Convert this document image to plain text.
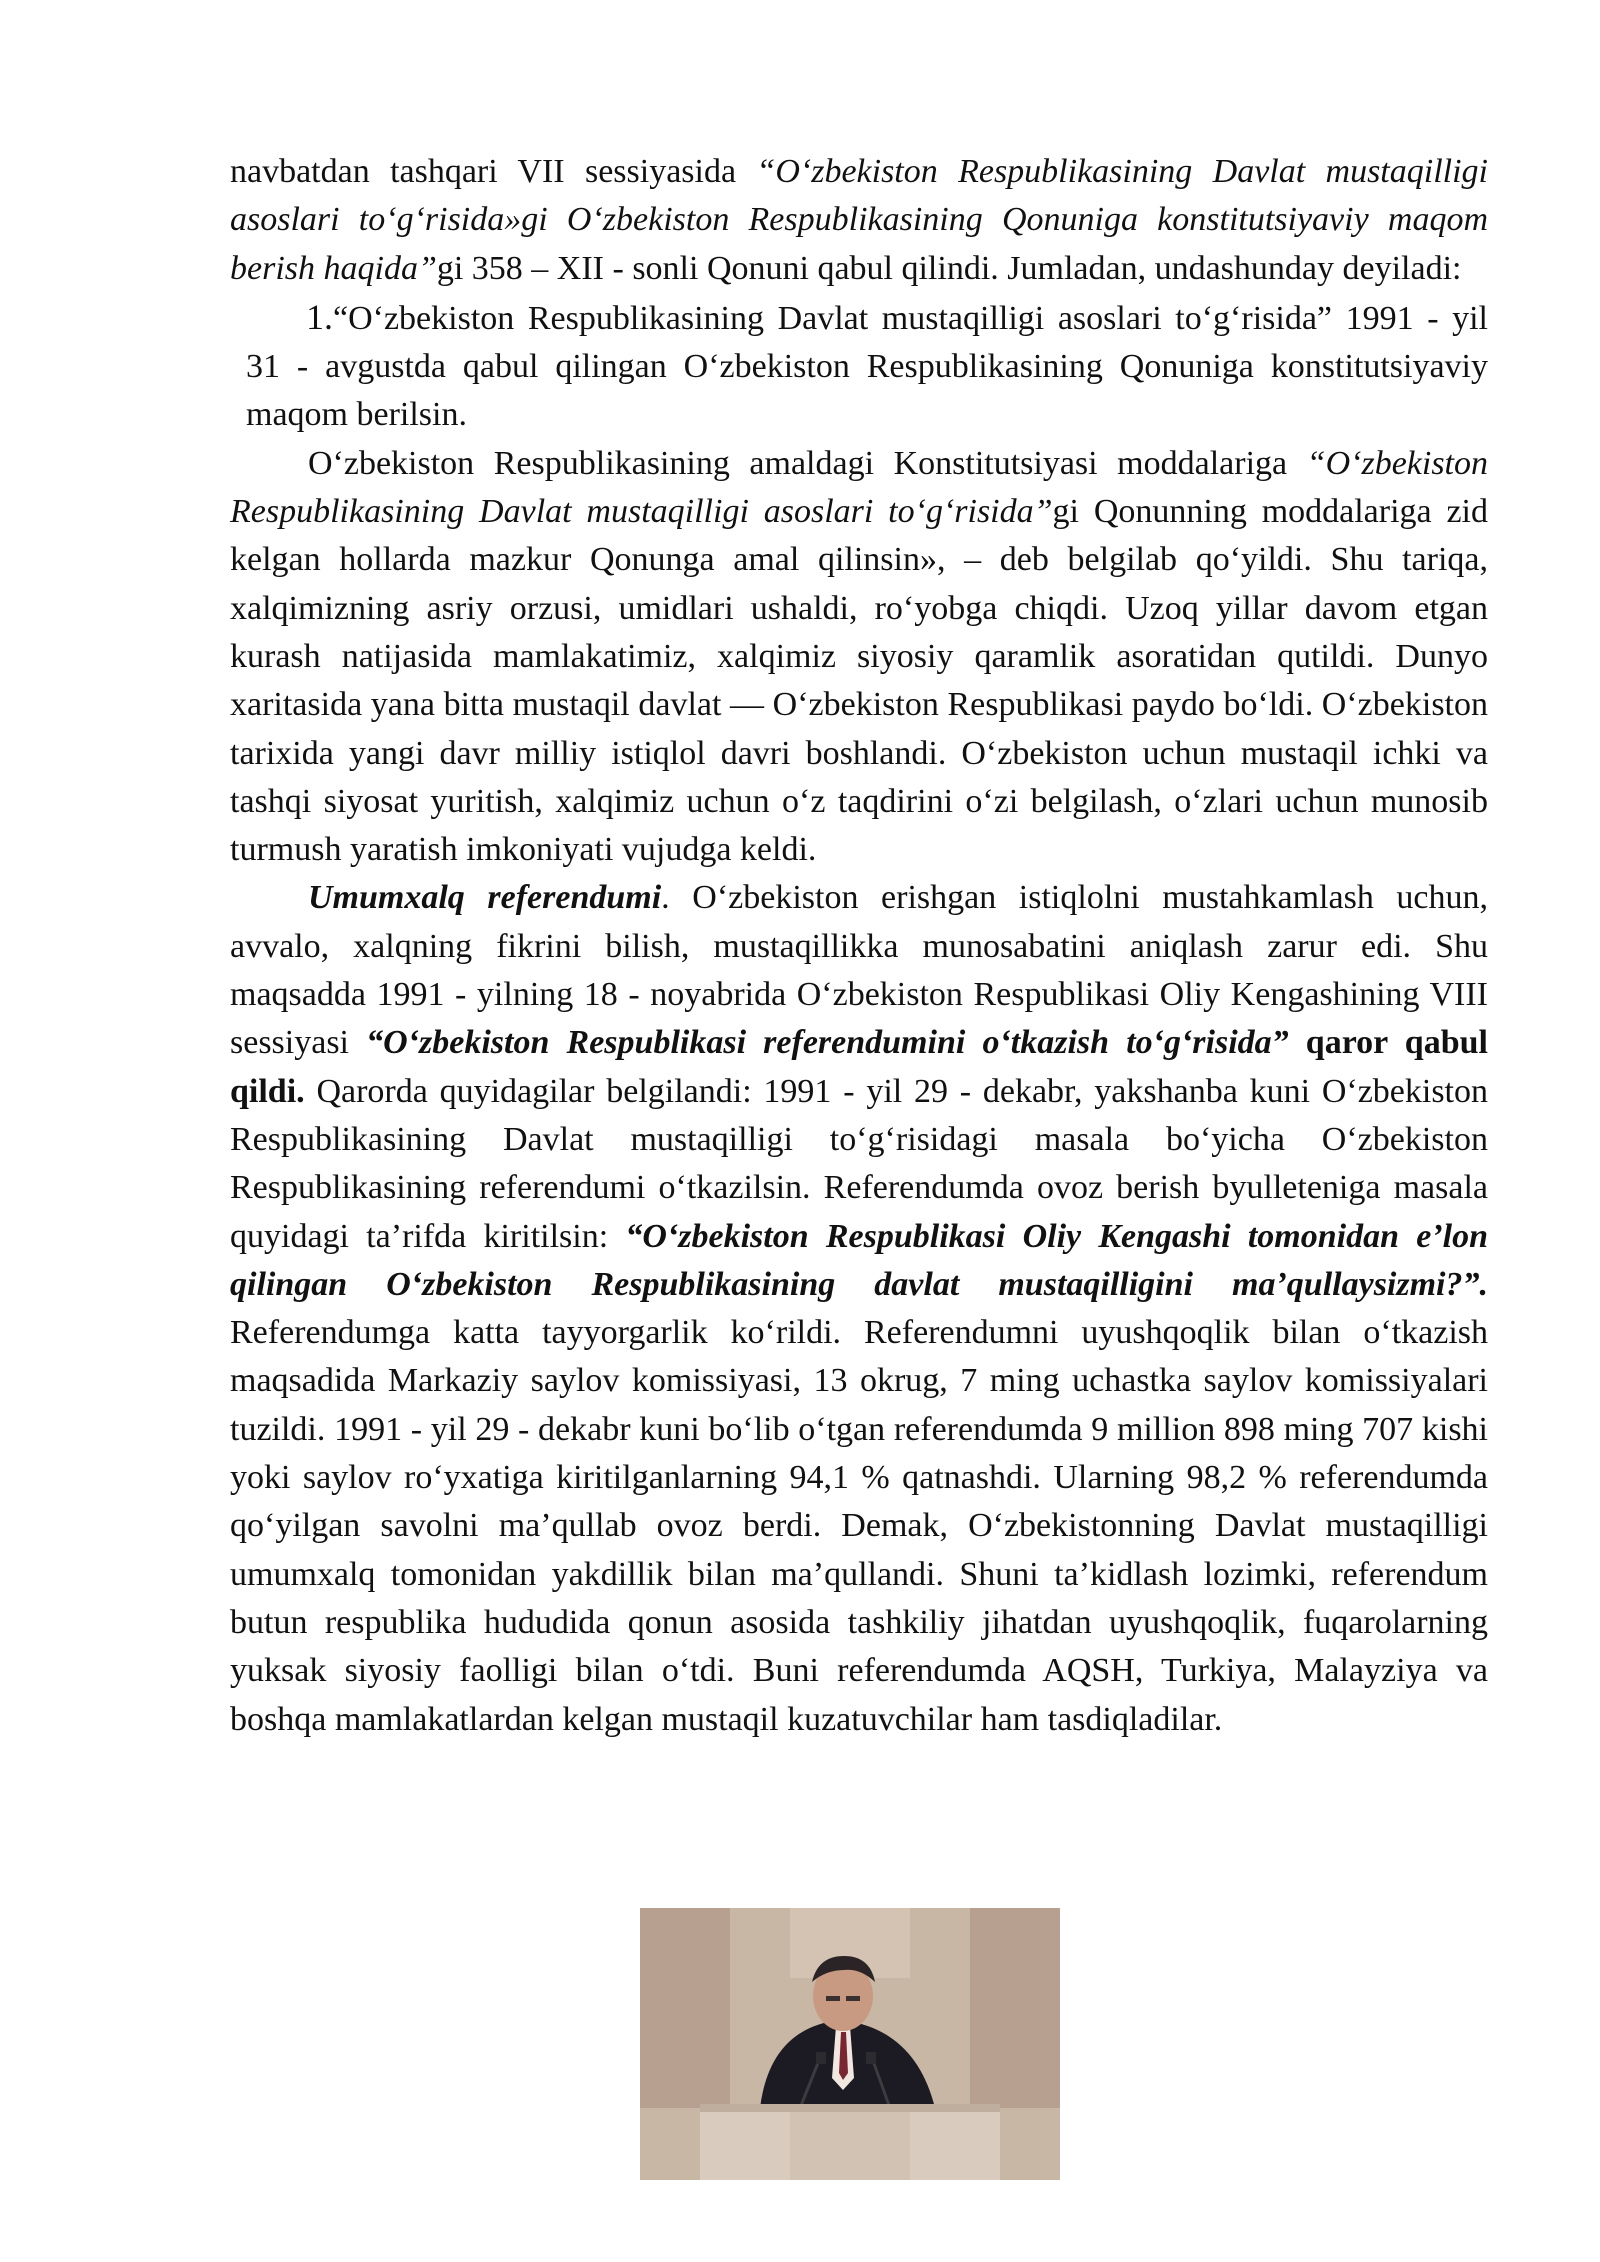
navbatdan tashqari VII sessiyasida “O‘zbekiston Respublikasining Davlat mustaqilligi asoslari to‘g‘risida»gi O‘zbekiston Respublikasining Qonuniga konstitutsiyaviy maqom berish haqida”gi 358 – XII - sonli Qonuni qabul qilindi. Jumladan, undashunday deyiladi:

1.“O‘zbekiston Respublikasining Davlat mustaqilligi asoslari to‘g‘risida” 1991 - yil 31 - avgustda qabul qilingan O‘zbekiston Respublikasining Qonuniga konstitutsiyaviy maqom berilsin.

O‘zbekiston Respublikasining amaldagi Konstitutsiyasi moddalariga “O‘zbekiston Respublikasining Davlat mustaqilligi asoslari to‘g‘risida”gi Qonunning moddalariga zid kelgan hollarda mazkur Qonunga amal qilinsin», – deb belgilab qo‘yildi. Shu tariqa, xalqimizning asriy orzusi, umidlari ushaldi, ro‘yobga chiqdi. Uzoq yillar davom etgan kurash natijasida mamlakatimiz, xalqimiz siyosiy qaramlik asoratidan qutildi. Dunyo xaritasida yana bitta mustaqil davlat — O‘zbekiston Respublikasi paydo bo‘ldi. O‘zbekiston tarixida yangi davr milliy istiqlol davri boshlandi. O‘zbekiston uchun mustaqil ichki va tashqi siyosat yuritish, xalqimiz uchun o‘z taqdirini o‘zi belgilash, o‘zlari uchun munosib turmush yaratish imkoniyati vujudga keldi.

Umumxalq referendumi. O‘zbekiston erishgan istiqlolni mustahkamlash uchun, avvalo, xalqning fikrini bilish, mustaqillikka munosabatini aniqlash zarur edi. Shu maqsadda 1991 - yilning 18 - noyabrida O‘zbekiston Respublikasi Oliy Kengashining VIII sessiyasi “O‘zbekiston Respublikasi referendumini o‘tkazish to‘g‘risida” qaror qabul qildi. Qarorda quyidagilar belgilandi: 1991 - yil 29 - dekabr, yakshanba kuni O‘zbekiston Respublikasining Davlat mustaqilligi to‘g‘risidagi masala bo‘yicha O‘zbekiston Respublikasining referendumi o‘tkazilsin. Referendumda ovoz berish byulleteniga masala quyidagi ta’rifda kiritilsin: “O‘zbekiston Respublikasi Oliy Kengashi tomonidan e’lon qilingan O‘zbekiston Respublikasining davlat mustaqilligini ma’qullaysizmi?”. Referendumga katta tayyorgarlik ko‘rildi. Referendumni uyushqoqlik bilan o‘tkazish maqsadida Markaziy saylov komissiyasi, 13 okrug, 7 ming uchastka saylov komissiyalari tuzildi. 1991 - yil 29 - dekabr kuni bo‘lib o‘tgan referendumda 9 million 898 ming 707 kishi yoki saylov ro‘yxatiga kiritilganlarning 94,1 % qatnashdi. Ularning 98,2 % referendumda qo‘yilgan savolni ma’qullab ovoz berdi. Demak, O‘zbekistonning Davlat mustaqilligi umumxalq tomonidan yakdillik bilan ma’qullandi. Shuni ta’kidlash lozimki, referendum butun respublika hududida qonun asosida tashkiliy jihatdan uyushqoqlik, fuqarolarning yuksak siyosiy faolligi bilan o‘tdi. Buni referendumda AQSH, Turkiya, Malayziya va boshqa mamlakatlardan kelgan mustaqil kuzatuvchilar ham tasdiqladilar.
